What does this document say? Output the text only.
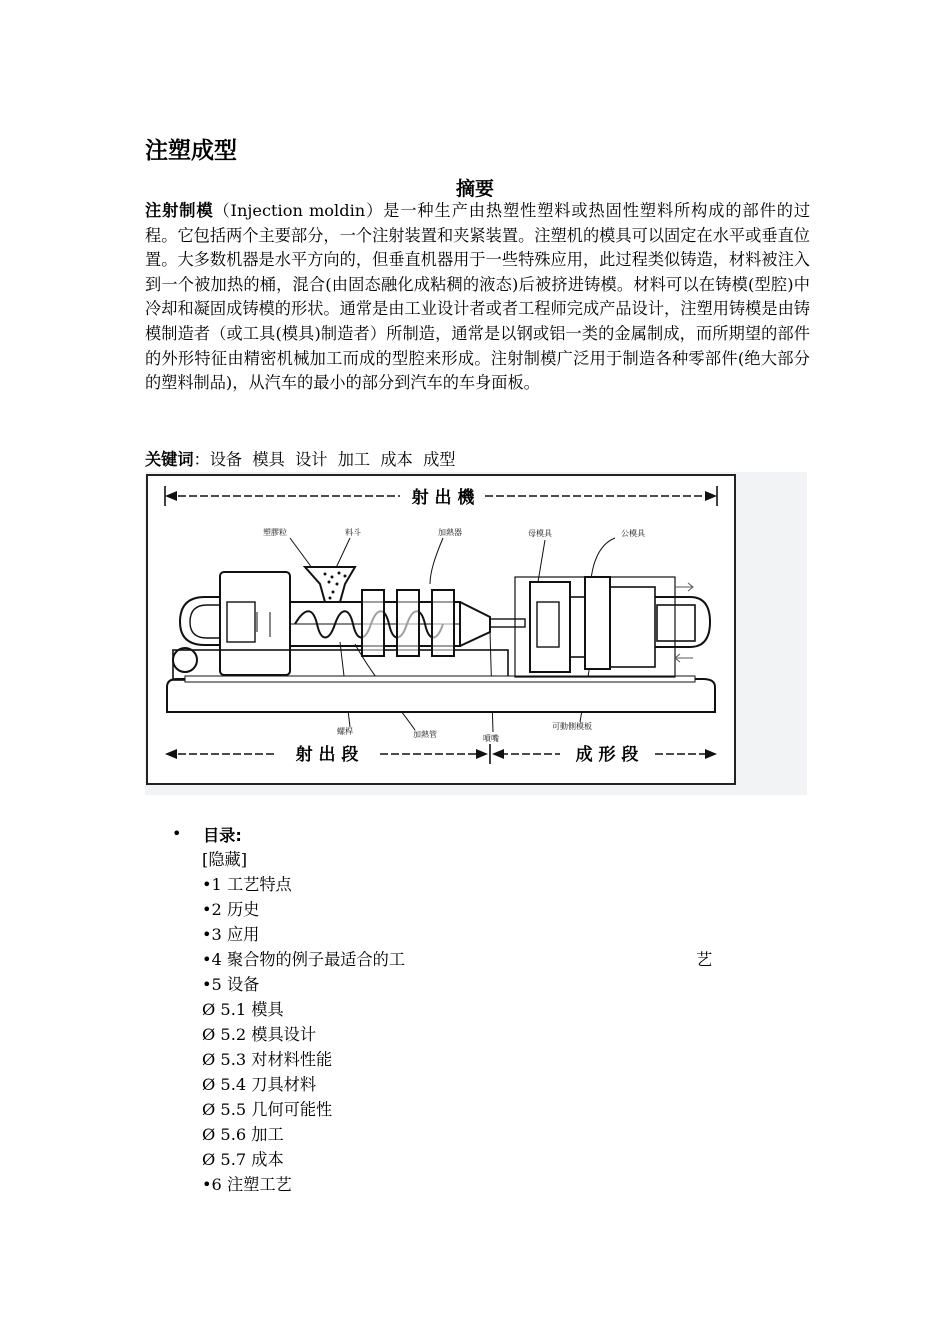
注塑成型
摘要

注射制模（Injection moldin）是一种生产由热塑性塑料或热固性塑料所构成的部件的过程。它包括两个主要部分，一个注射装置和夹紧装置。注塑机的模具可以固定在水平或垂直位置。大多数机器是水平方向的，但垂直机器用于一些特殊应用，此过程类似铸造，材料被注入到一个被加热的桶，混合(由固态融化成粘稠的液态)后被挤进铸模。材料可以在铸模(型腔)中冷却和凝固成铸模的形状。通常是由工业设计者或者工程师完成产品设计，注塑用铸模是由铸模制造者（或工具(模具)制造者）所制造，通常是以钢或铝一类的金属制成，而所期望的部件的外形特征由精密机械加工而成的型腔来形成。注射制模广泛用于制造各种零部件(绝大部分的塑料制品)，从汽车的最小的部分到汽车的车身面板。

关键词：设备  模具  设计  加工  成本  成型
射 出 機
塑膠粒	料斗	加熱器	母模具	公模具
螺桿	加熱管	噴嘴
可動側模板
射 出 段	成 形 段
• 目录:
[隐藏]
•1 工艺特点
•2 历史
•3 应用
•4 聚合物的例子最适合的工	艺
•5 设备
Ø 5.1 模具
Ø 5.2 模具设计
Ø 5.3 对材料性能
Ø 5.4 刀具材料
Ø 5.5 几何可能性
Ø 5.6 加工
Ø 5.7 成本
•6 注塑工艺
